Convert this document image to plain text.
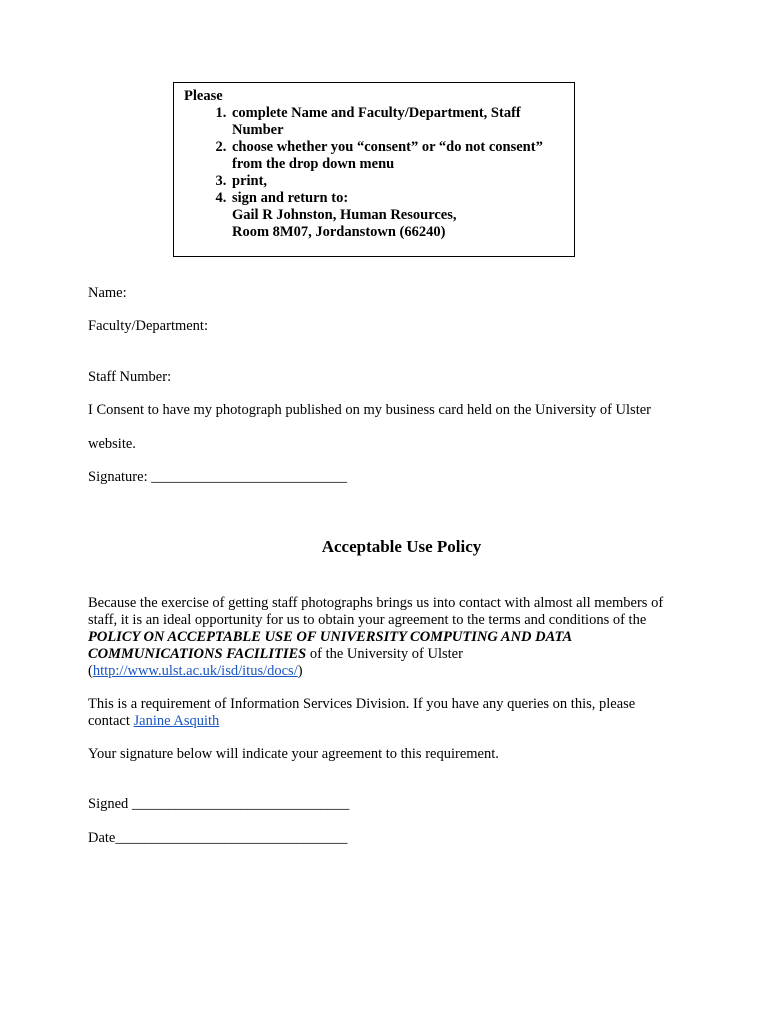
Please
1. complete Name and Faculty/Department, Staff Number
2. choose whether you “consent” or “do not consent” from the drop down menu
3. print,
4. sign and return to:
Gail R Johnston, Human Resources,
Room 8M07, Jordanstown (66240)
Name:
Faculty/Department:
Staff Number:
I Consent to have my photograph published on my business card held on the University of Ulster
website.
Signature: ___________________________
Acceptable Use Policy
Because the exercise of getting staff photographs brings us into contact with almost all members of
staff, it is an ideal opportunity for us to obtain your agreement to the terms and conditions of the
POLICY ON ACCEPTABLE USE OF UNIVERSITY COMPUTING AND DATA
COMMUNICATIONS FACILITIES of the University of Ulster
(http://www.ulst.ac.uk/isd/itus/docs/)
This is a requirement of Information Services Division. If you have any queries on this, please
contact Janine Asquith
Your signature below will indicate your agreement to this requirement.
Signed ______________________________
Date________________________________
